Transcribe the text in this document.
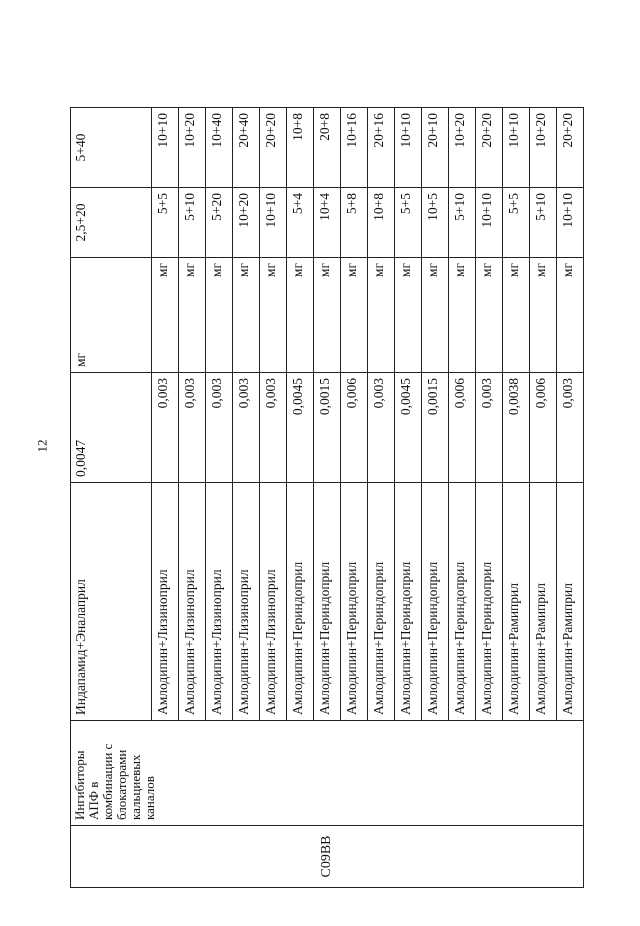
12
C09BB	Ингибиторы АПФ в комбинации с блокаторами кальциевых каналов	Индапамид+Эналаприл	0,0047	мг	2,5+20	5+40
		Амлодипин+Лизиноприл	0,003	мг	5+5	10+10
		Амлодипин+Лизиноприл	0,003	мг	5+10	10+20
		Амлодипин+Лизиноприл	0,003	мг	5+20	10+40
		Амлодипин+Лизиноприл	0,003	мг	10+20	20+40
		Амлодипин+Лизиноприл	0,003	мг	10+10	20+20
		Амлодипин+Периндоприл	0,0045	мг	5+4	10+8
		Амлодипин+Периндоприл	0,0015	мг	10+4	20+8
		Амлодипин+Периндоприл	0,006	мг	5+8	10+16
		Амлодипин+Периндоприл	0,003	мг	10+8	20+16
		Амлодипин+Периндоприл	0,0045	мг	5+5	10+10
		Амлодипин+Периндоприл	0,0015	мг	10+5	20+10
		Амлодипин+Периндоприл	0,006	мг	5+10	10+20
		Амлодипин+Периндоприл	0,003	мг	10+10	20+20
		Амлодипин+Рамиприл	0,0038	мг	5+5	10+10
		Амлодипин+Рамиприл	0,006	мг	5+10	10+20
		Амлодипин+Рамиприл	0,003	мг	10+10	20+20
